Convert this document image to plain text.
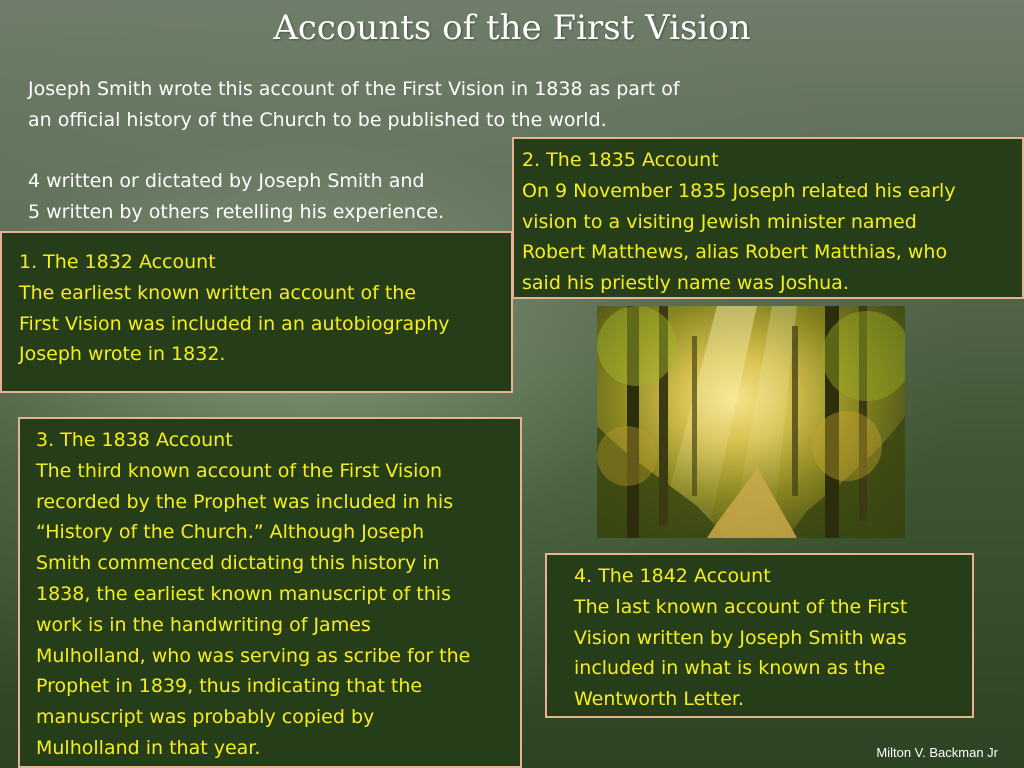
Accounts of the First Vision
Joseph Smith wrote this account of the First Vision in 1838 as part of
an official history of the Church to be published to the world.
4 written or dictated by Joseph Smith and
5 written by others retelling his experience.
2. The 1835 Account
On 9 November 1835 Joseph related his early
vision to a visiting Jewish minister named
Robert Matthews, alias Robert Matthias, who
said his priestly name was Joshua.
1. The 1832 Account
The earliest known written account of the
First Vision was included in an autobiography
Joseph wrote in 1832.
3. The 1838 Account
The third known account of the First Vision
recorded by the Prophet was included in his
“History of the Church.” Although Joseph
Smith commenced dictating this history in
1838, the earliest known manuscript of this
work is in the handwriting of James
Mulholland, who was serving as scribe for the
Prophet in 1839, thus indicating that the
manuscript was probably copied by
Mulholland in that year.
4. The 1842 Account
The last known account of the First
Vision written by Joseph Smith was
included in what is known as the
Wentworth Letter.
Milton V. Backman Jr
